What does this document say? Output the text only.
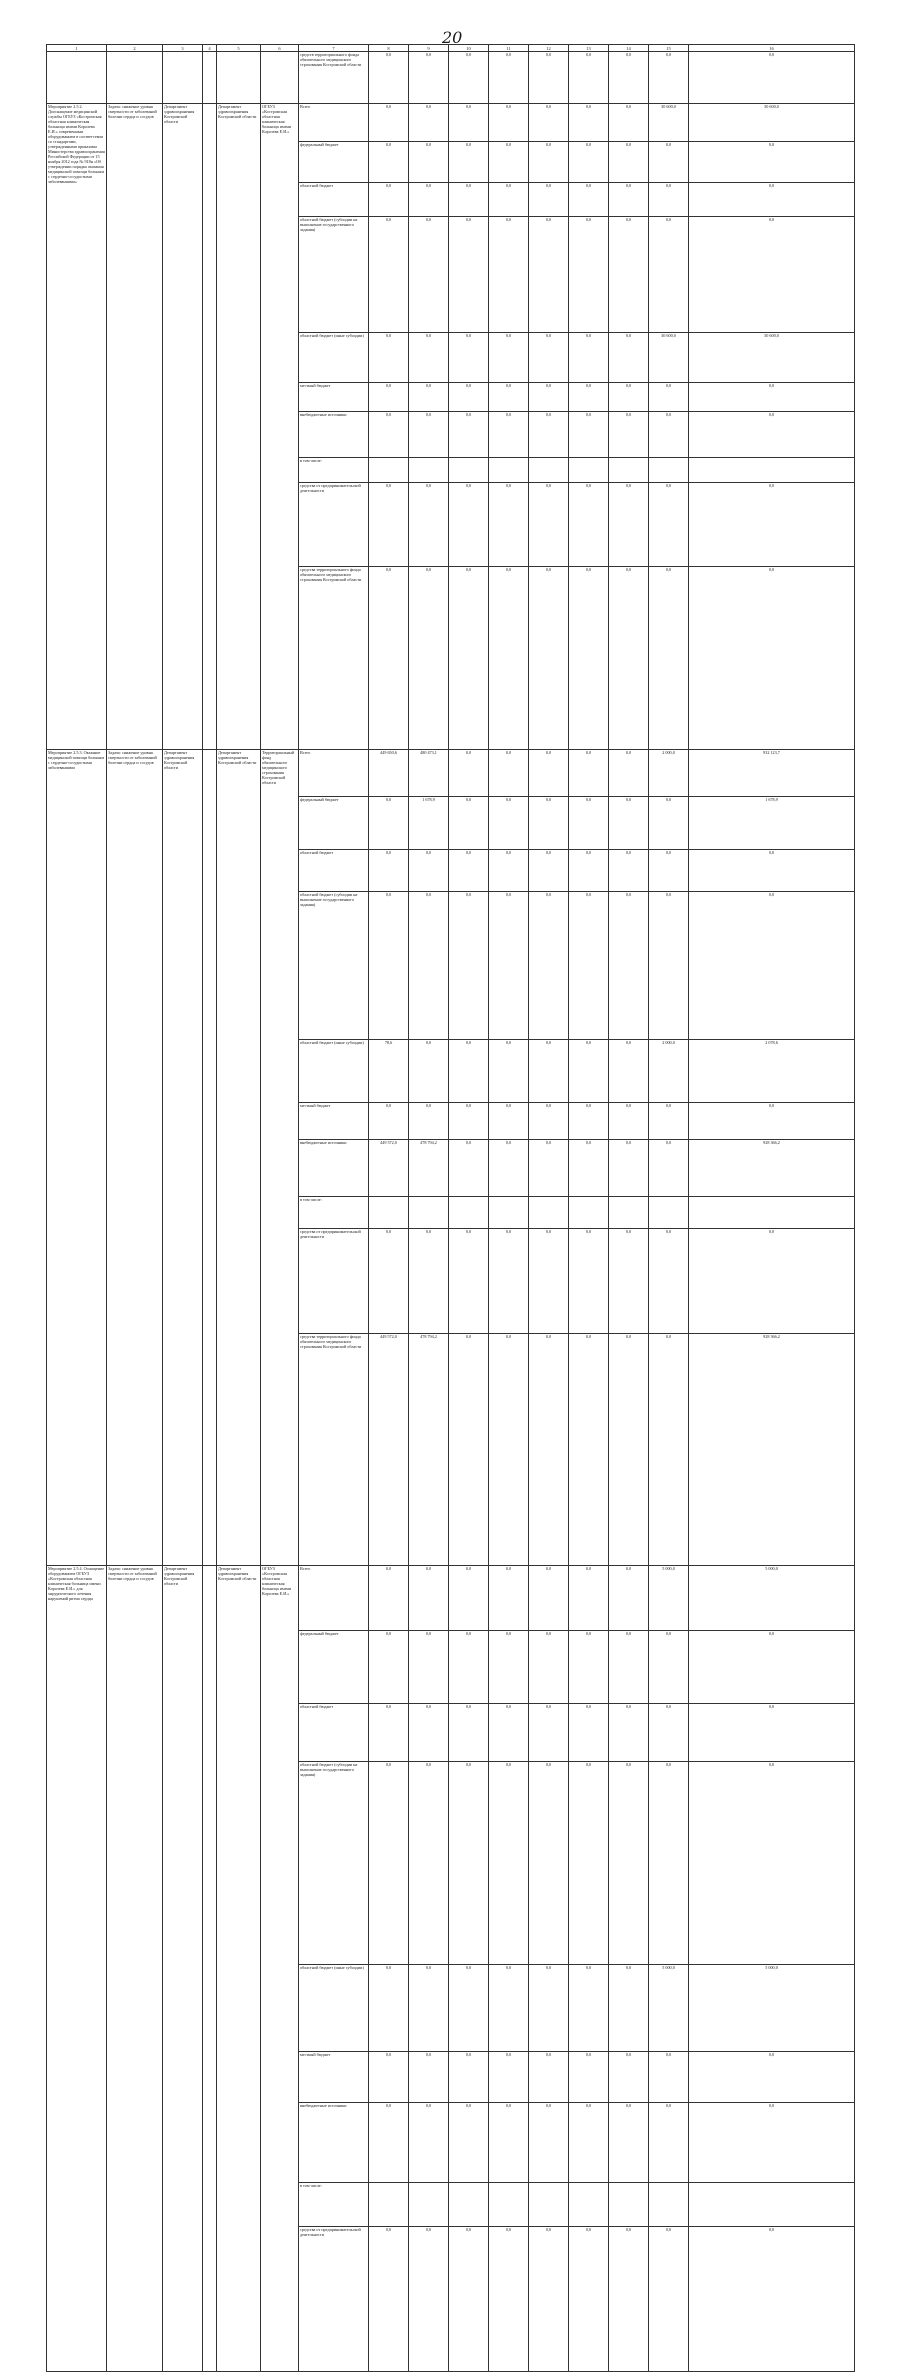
20
1	2	3	4	5	6	7	8	9	10	11	12	13	14	15	16	
						средств территориального фонда обязательного медицинского страхования Костромской области	0,0	0,0	0,0	0,0	0,0	0,0	0,0	0,0	0,0	
Мероприятие 2.5.2. Дооснащение медицинской службы ОГБУЗ «Костромская областная клиническая больница имени Королева Е.И.» современным оборудованием в соответствии со стандартами, утвержденными приказами Министерства здравоохранения Российской Федерации от 15 ноября 2012 года № 918н «Об утверждении порядка оказания медицинской помощи больным с сердечно-сосудистыми заболеваниями»	Задача: снижение уровня смертности от заболеваний болезни сердца и сосудов	Департамент здравоохранения Костромской области		Департамент здравоохранения Костромской области	ОГБУЗ «Костромская областная клиническая больница имени Королева Е.И.»	Всего	0,0	0,0	0,0	0,0	0,0	0,0	0,0	30 600,0	30 600,0	
						федеральный бюджет	0,0	0,0	0,0	0,0	0,0	0,0	0,0	0,0	0,0	
						областной бюджет	0,0	0,0	0,0	0,0	0,0	0,0	0,0	0,0	0,0	
						областной бюджет (субсидии на выполнение государственного задания)	0,0	0,0	0,0	0,0	0,0	0,0	0,0	0,0	0,0	
						областной бюджет (иные субсидии)	0,0	0,0	0,0	0,0	0,0	0,0	0,0	30 600,0	30 600,0	
						местный бюджет	0,0	0,0	0,0	0,0	0,0	0,0	0,0	0,0	0,0	
						внебюджетные источники	0,0	0,0	0,0	0,0	0,0	0,0	0,0	0,0	0,0	
						в том числе:										
						средства от предпринимательской деятельности	0,0	0,0	0,0	0,0	0,0	0,0	0,0	0,0	0,0	
						средства территориального фонда обязательного медицинского страхования Костромской области	0,0	0,0	0,0	0,0	0,0	0,0	0,0	0,0	0,0	
Мероприятие 2.5.3. Оказание медицинской помощи больным с сердечно-сосудистыми заболеваниями	Задача: снижение уровня смертности от заболеваний болезни сердца и сосудов	Департамент здравоохранения Костромской области		Департамент здравоохранения Костромской области	Территориальный фонд обязательного медицинского страхования Костромской области	Всего	449 650,6	480 473,1	0,0	0,0	0,0	0,0	0,0	2 000,0	932 123,7	
						федеральный бюджет	0,0	1 678,9	0,0	0,0	0,0	0,0	0,0	0,0	1 678,9	
						областной бюджет	0,0	0,0	0,0	0,0	0,0	0,0	0,0	0,0	0,0	
						областной бюджет (субсидии на выполнение государственного задания)	0,0	0,0	0,0	0,0	0,0	0,0	0,0	0,0	0,0	
						областной бюджет (иные субсидии)	78,6	0,0	0,0	0,0	0,0	0,0	0,0	2 000,0	2 078,6	
						местный бюджет	0,0	0,0	0,0	0,0	0,0	0,0	0,0	0,0	0,0	
						внебюджетные источники	449 572,0	478 794,2	0,0	0,0	0,0	0,0	0,0	0,0	928 366,2	
						в том числе:										
						средства от предпринимательской деятельности	0,0	0,0	0,0	0,0	0,0	0,0	0,0	0,0	0,0	
						средства территориального фонда обязательного медицинского страхования Костромской области	449 572,0	478 794,2	0,0	0,0	0,0	0,0	0,0	0,0	928 366,2	
Мероприятие 2.5.4. Оснащение оборудованием ОГБУЗ «Костромская областная клиническая больница имени Королева Е.И.» для хирургического лечения нарушений ритма сердца	Задача: снижение уровня смертности от заболеваний болезни сердца и сосудов	Департамент здравоохранения Костромской области		Департамент здравоохранения Костромской области	ОГБУЗ «Костромская областная клиническая больница имени Королева Е.И.»	Всего	0,0	0,0	0,0	0,0	0,0	0,0	0,0	5 000,0	5 000,0	
						федеральный бюджет	0,0	0,0	0,0	0,0	0,0	0,0	0,0	0,0	0,0	
						областной бюджет	0,0	0,0	0,0	0,0	0,0	0,0	0,0	0,0	0,0	
						областной бюджет (субсидии на выполнение государственного задания)	0,0	0,0	0,0	0,0	0,0	0,0	0,0	0,0	0,0	
						областной бюджет (иные субсидии)	0,0	0,0	0,0	0,0	0,0	0,0	0,0	5 000,0	5 000,0	
						местный бюджет	0,0	0,0	0,0	0,0	0,0	0,0	0,0	0,0	0,0	
						внебюджетные источники	0,0	0,0	0,0	0,0	0,0	0,0	0,0	0,0	0,0	
						в том числе:										
						средства от предпринимательской деятельности	0,0	0,0	0,0	0,0	0,0	0,0	0,0	0,0	0,0	
